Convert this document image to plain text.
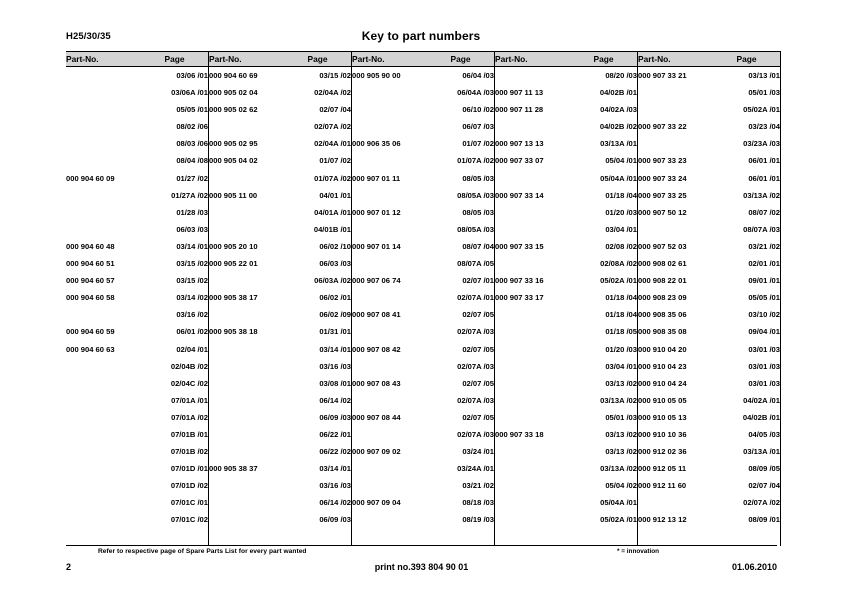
H25/30/35	Key to part numbers
Part-No.	Page	Part-No.	Page	Part-No.	Page	Part-No.	Page	Part-No.	Page
	03/06 /01	000 904 60 69	03/15 /02	000 905 90 00	06/04 /03		08/20 /03	000 907 33 21	03/13 /01
	03/06A /01	000 905 02 04	02/04A /02		06/04A /03	000 907 11 13	04/02B /01		05/01 /03
	05/05 /01	000 905 02 62	02/07 /04		06/10 /02	000 907 11 28	04/02A /03		05/02A /01
	08/02 /06		02/07A /02		06/07 /03		04/02B /02	000 907 33 22	03/23 /04
	08/03 /06	000 905 02 95	02/04A /01	000 906 35 06	01/07 /02	000 907 13 13	03/13A /01		03/23A /03
	08/04 /08	000 905 04 02	01/07 /02		01/07A /02	000 907 33 07	05/04 /01	000 907 33 23	06/01 /01
000 904 60 09	01/27 /02		01/07A /02	000 907 01 11	08/05 /03		05/04A /01	000 907 33 24	06/01 /01
	01/27A /02	000 905 11 00	04/01 /01		08/05A /03	000 907 33 14	01/18 /04	000 907 33 25	03/13A /02
	01/28 /03		04/01A /01	000 907 01 12	08/05 /03		01/20 /03	000 907 50 12	08/07 /02
	06/03 /03		04/01B /01		08/05A /03		03/04 /01		08/07A /03
000 904 60 48	03/14 /01	000 905 20 10	06/02 /10	000 907 01 14	08/07 /04	000 907 33 15	02/08 /02	000 907 52 03	03/21 /02
000 904 60 51	03/15 /02	000 905 22 01	06/03 /03		08/07A /05		02/08A /02	000 908 02 61	02/01 /01
000 904 60 57	03/15 /02		06/03A /02	000 907 06 74	02/07 /01	000 907 33 16	05/02A /01	000 908 22 01	09/01 /01
000 904 60 58	03/14 /02	000 905 38 17	06/02 /01		02/07A /01	000 907 33 17	01/18 /04	000 908 23 09	05/05 /01
	03/16 /02		06/02 /09	000 907 08 41	02/07 /05		01/18 /04	000 908 35 06	03/10 /02
000 904 60 59	06/01 /02	000 905 38 18	01/31 /01		02/07A /03		01/18 /05	000 908 35 08	09/04 /01
000 904 60 63	02/04 /01		03/14 /01	000 907 08 42	02/07 /05		01/20 /03	000 910 04 20	03/01 /03
	02/04B /02		03/16 /03		02/07A /03		03/04 /01	000 910 04 23	03/01 /03
	02/04C /02		03/08 /01	000 907 08 43	02/07 /05		03/13 /02	000 910 04 24	03/01 /03
	07/01A /01		06/14 /02		02/07A /03		03/13A /02	000 910 05 05	04/02A /01
	07/01A /02		06/09 /03	000 907 08 44	02/07 /05		05/01 /03	000 910 05 13	04/02B /01
	07/01B /01		06/22 /01		02/07A /03	000 907 33 18	03/13 /02	000 910 10 36	04/05 /03
	07/01B /02		06/22 /02	000 907 09 02	03/24 /01		03/13 /02	000 912 02 36	03/13A /01
	07/01D /01	000 905 38 37	03/14 /01		03/24A /01		03/13A /02	000 912 05 11	08/09 /05
	07/01D /02		03/16 /03		03/21 /02		05/04 /02	000 912 11 60	02/07 /04
	07/01C /01		06/14 /02	000 907 09 04	08/18 /03		05/04A /01		02/07A /02
	07/01C /02		06/09 /03		08/19 /03		05/02A /01	000 912 13 12	08/09 /01

Refer to respective page of Spare Parts List for every part wanted	* = innovation
2	print no.393 804 90 01	01.06.2010
